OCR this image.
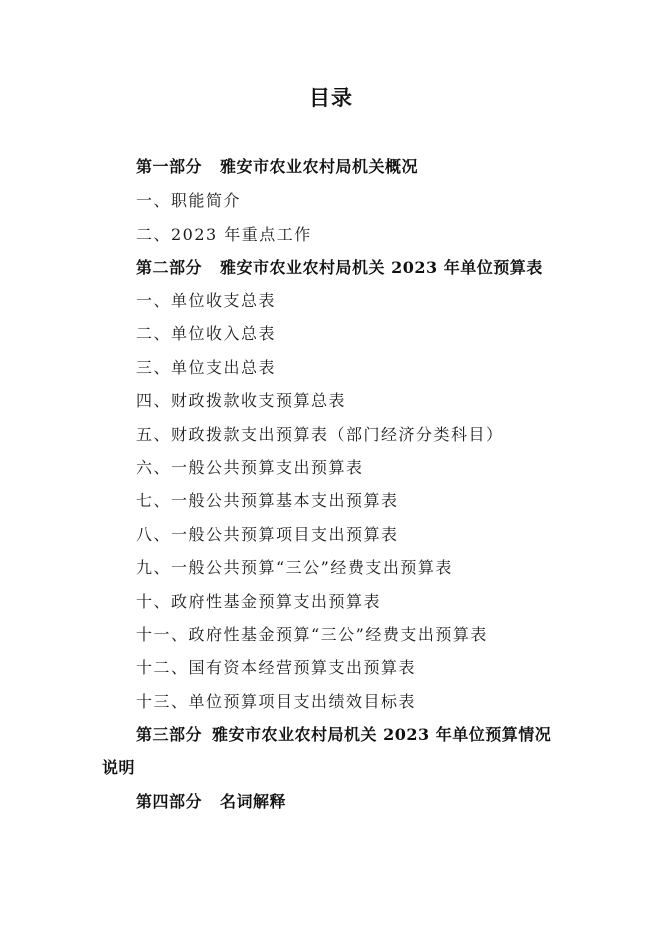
目录
第一部分 雅安市农业农村局机关概况
一、职能简介
二、2023 年重点工作
第二部分 雅安市农业农村局机关 2023 年单位预算表
一、单位收支总表
二、单位收入总表
三、单位支出总表
四、财政拨款收支预算总表
五、财政拨款支出预算表（部门经济分类科目）
六、一般公共预算支出预算表
七、一般公共预算基本支出预算表
八、一般公共预算项目支出预算表
九、一般公共预算“三公”经费支出预算表
十、政府性基金预算支出预算表
十一、政府性基金预算“三公”经费支出预算表
十二、国有资本经营预算支出预算表
十三、单位预算项目支出绩效目标表
第三部分 雅安市农业农村局机关 2023 年单位预算情况
说明
第四部分 名词解释
